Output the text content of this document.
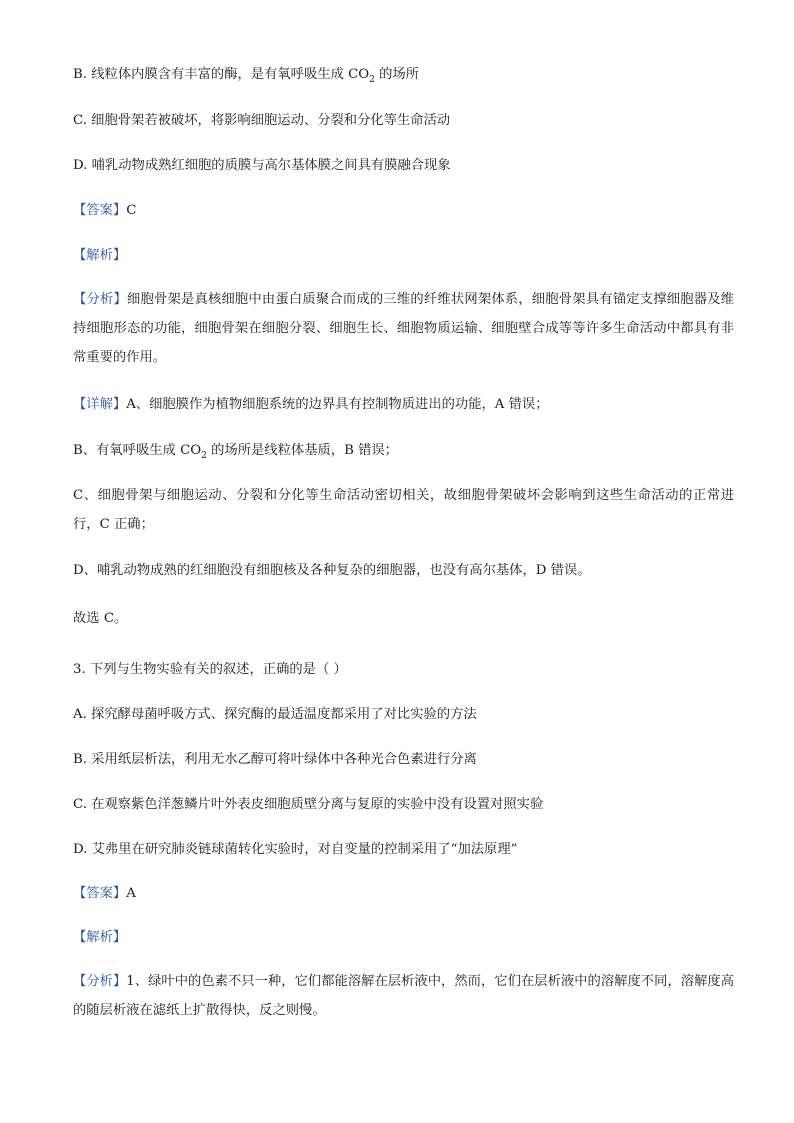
B. 线粒体内膜含有丰富的酶，是有氧呼吸生成 $CO_2$ 的场所
C. 细胞骨架若被破坏，将影响细胞运动、分裂和分化等生命活动
D. 哺乳动物成熟红细胞的质膜与高尔基体膜之间具有膜融合现象
【答案】C
【解析】
【分析】细胞骨架是真核细胞中由蛋白质聚合而成的三维的纤维状网架体系，细胞骨架具有锚定支撑细胞器及维持细胞形态的功能，细胞骨架在细胞分裂、细胞生长、细胞物质运输、细胞壁合成等等许多生命活动中都具有非常重要的作用。
【详解】A、细胞膜作为植物细胞系统的边界具有控制物质进出的功能，A 错误；
B、有氧呼吸生成 $CO_2$ 的场所是线粒体基质，B 错误；
C、细胞骨架与细胞运动、分裂和分化等生命活动密切相关，故细胞骨架破坏会影响到这些生命活动的正常进行，C 正确；
D、哺乳动物成熟的红细胞没有细胞核及各种复杂的细胞器，也没有高尔基体，D 错误。
故选 C。
3. 下列与生物实验有关的叙述，正确的是（ ）
A. 探究酵母菌呼吸方式、探究酶的最适温度都采用了对比实验的方法
B. 采用纸层析法，利用无水乙醇可将叶绿体中各种光合色素进行分离
C. 在观察紫色洋葱鳞片叶外表皮细胞质壁分离与复原的实验中没有设置对照实验
D. 艾弗里在研究肺炎链球菌转化实验时，对自变量的控制采用了“加法原理”
【答案】A
【解析】
【分析】1、绿叶中的色素不只一种，它们都能溶解在层析液中，然而，它们在层析液中的溶解度不同，溶解度高的随层析液在滤纸上扩散得快，反之则慢。
